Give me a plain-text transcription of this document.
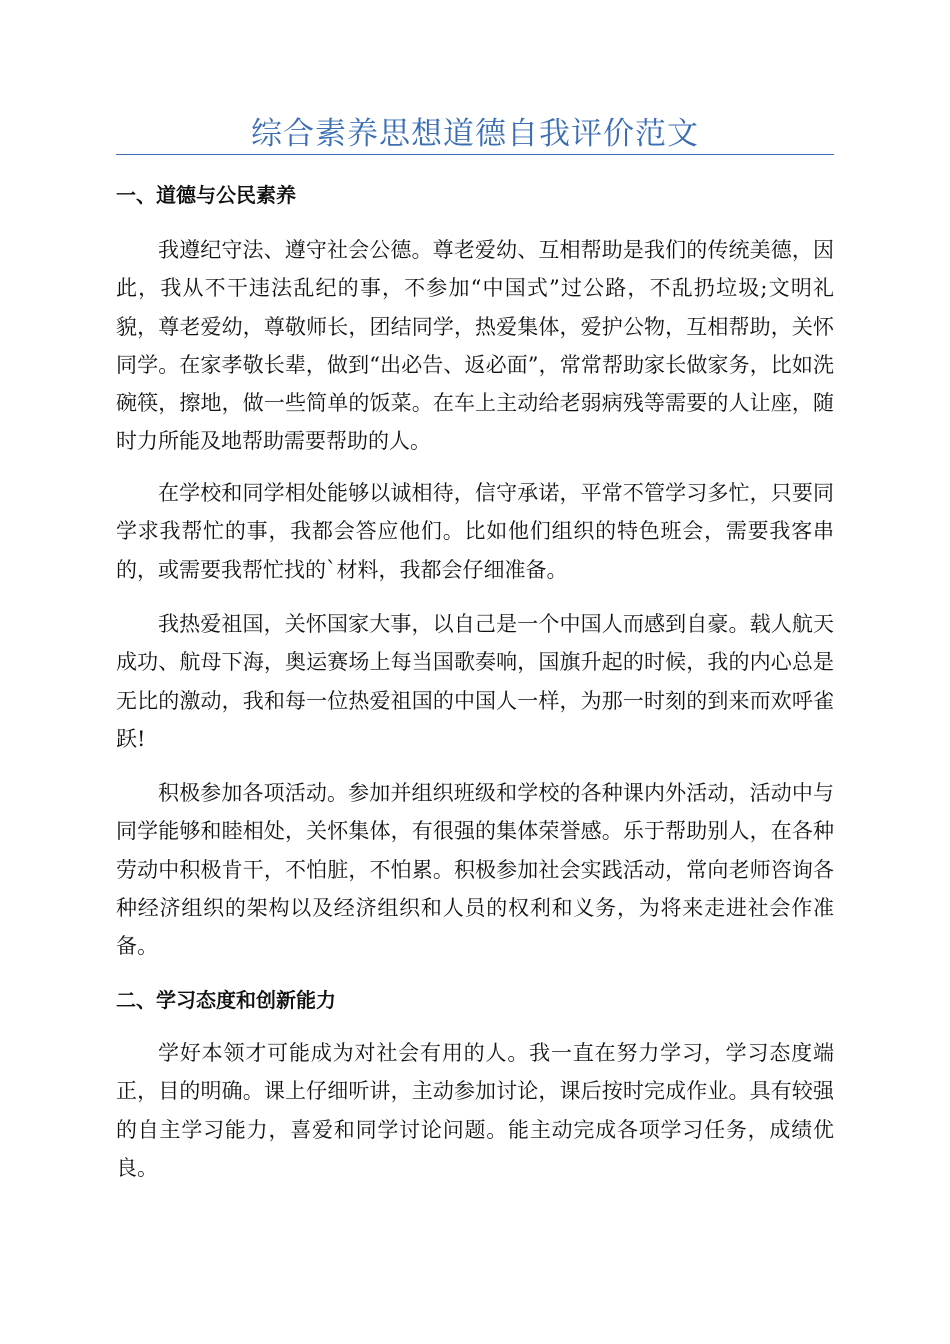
综合素养思想道德自我评价范文
一、道德与公民素养
我遵纪守法、遵守社会公德。尊老爱幼、互相帮助是我们的传统美德，因此，我从不干违法乱纪的事，不参加“中国式”过公路，不乱扔垃圾;文明礼貌，尊老爱幼，尊敬师长，团结同学，热爱集体，爱护公物，互相帮助，关怀同学。在家孝敬长辈，做到“出必告、返必面”，常常帮助家长做家务，比如洗碗筷，擦地，做一些简单的饭菜。在车上主动给老弱病残等需要的人让座，随时力所能及地帮助需要帮助的人。
在学校和同学相处能够以诚相待，信守承诺，平常不管学习多忙，只要同学求我帮忙的事，我都会答应他们。比如他们组织的特色班会，需要我客串的，或需要我帮忙找的`材料，我都会仔细准备。
我热爱祖国，关怀国家大事，以自己是一个中国人而感到自豪。载人航天成功、航母下海，奥运赛场上每当国歌奏响，国旗升起的时候，我的内心总是无比的激动，我和每一位热爱祖国的中国人一样，为那一时刻的到来而欢呼雀跃!
积极参加各项活动。参加并组织班级和学校的各种课内外活动，活动中与同学能够和睦相处，关怀集体，有很强的集体荣誉感。乐于帮助别人，在各种劳动中积极肯干，不怕脏，不怕累。积极参加社会实践活动，常向老师咨询各种经济组织的架构以及经济组织和人员的权利和义务，为将来走进社会作准备。
二、学习态度和创新能力
学好本领才可能成为对社会有用的人。我一直在努力学习，学习态度端正，目的明确。课上仔细听讲，主动参加讨论，课后按时完成作业。具有较强的自主学习能力，喜爱和同学讨论问题。能主动完成各项学习任务，成绩优良。
